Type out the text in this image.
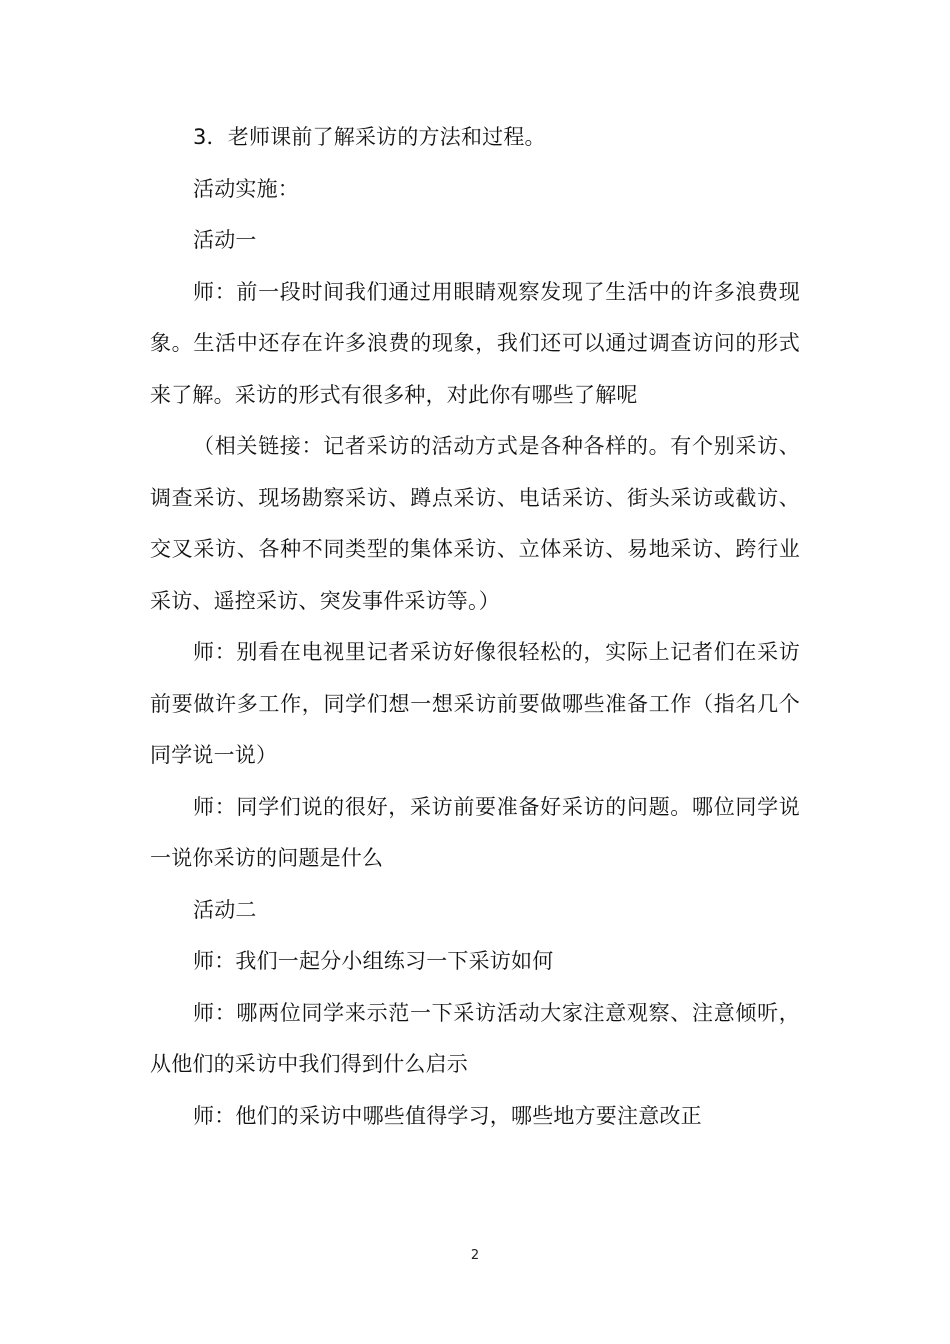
3．老师课前了解采访的方法和过程。

活动实施：

活动一

师：前一段时间我们通过用眼睛观察发现了生活中的许多浪费现象。生活中还存在许多浪费的现象，我们还可以通过调查访问的形式来了解。采访的形式有很多种，对此你有哪些了解呢

（相关链接：记者采访的活动方式是各种各样的。有个别采访、调查采访、现场勘察采访、蹲点采访、电话采访、街头采访或截访、交叉采访、各种不同类型的集体采访、立体采访、易地采访、跨行业采访、遥控采访、突发事件采访等。）

师：别看在电视里记者采访好像很轻松的，实际上记者们在采访前要做许多工作，同学们想一想采访前要做哪些准备工作（指名几个同学说一说）

师：同学们说的很好，采访前要准备好采访的问题。哪位同学说一说你采访的问题是什么

活动二

师：我们一起分小组练习一下采访如何

师：哪两位同学来示范一下采访活动大家注意观察、注意倾听，从他们的采访中我们得到什么启示

师：他们的采访中哪些值得学习，哪些地方要注意改正

2
